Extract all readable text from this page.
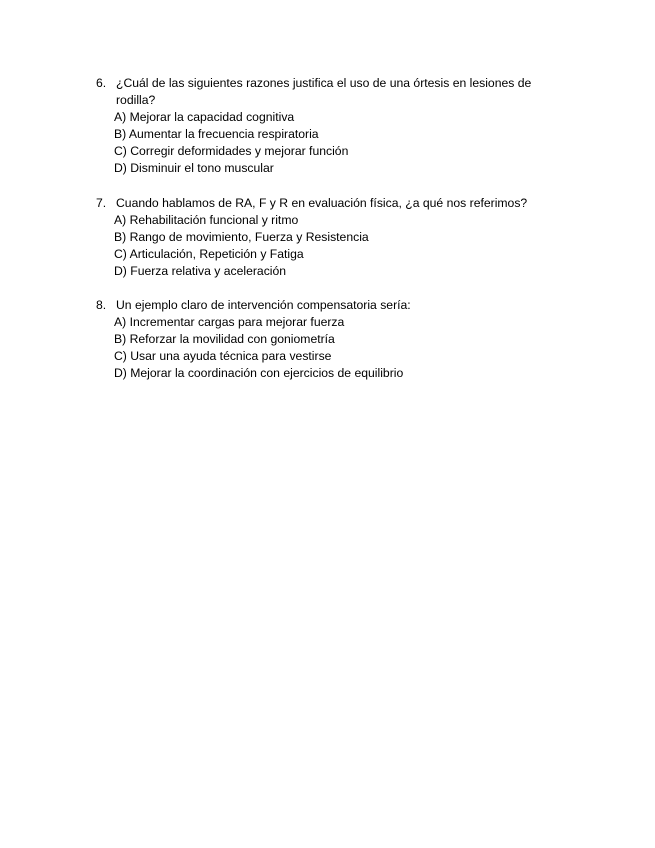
6. ¿Cuál de las siguientes razones justifica el uso de una órtesis en lesiones de rodilla?
A) Mejorar la capacidad cognitiva
B) Aumentar la frecuencia respiratoria
C) Corregir deformidades y mejorar función
D) Disminuir el tono muscular
7. Cuando hablamos de RA, F y R en evaluación física, ¿a qué nos referimos?
A) Rehabilitación funcional y ritmo
B) Rango de movimiento, Fuerza y Resistencia
C) Articulación, Repetición y Fatiga
D) Fuerza relativa y aceleración
8. Un ejemplo claro de intervención compensatoria sería:
A) Incrementar cargas para mejorar fuerza
B) Reforzar la movilidad con goniometría
C) Usar una ayuda técnica para vestirse
D) Mejorar la coordinación con ejercicios de equilibrio
